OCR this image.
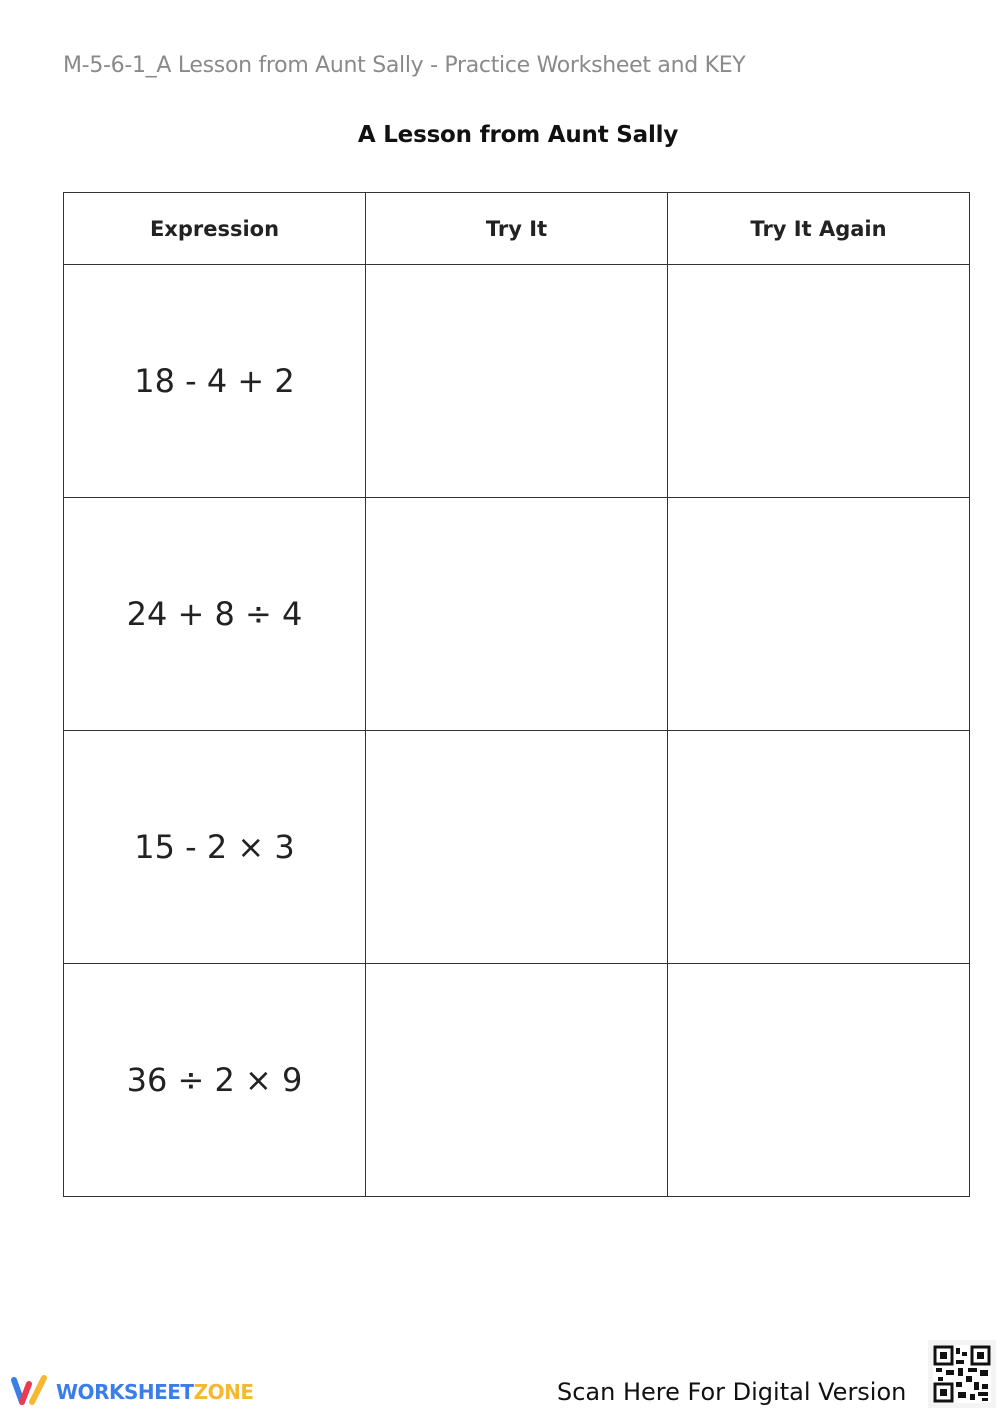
M-5-6-1_A Lesson from Aunt Sally - Practice Worksheet and KEY
A Lesson from Aunt Sally
Expression	Try It	Try It Again
18 - 4 + 2		
24 + 8 ÷ 4		
15 - 2 × 3		
36 ÷ 2 × 9		
WORKSHEETZONE	Scan Here For Digital Version
